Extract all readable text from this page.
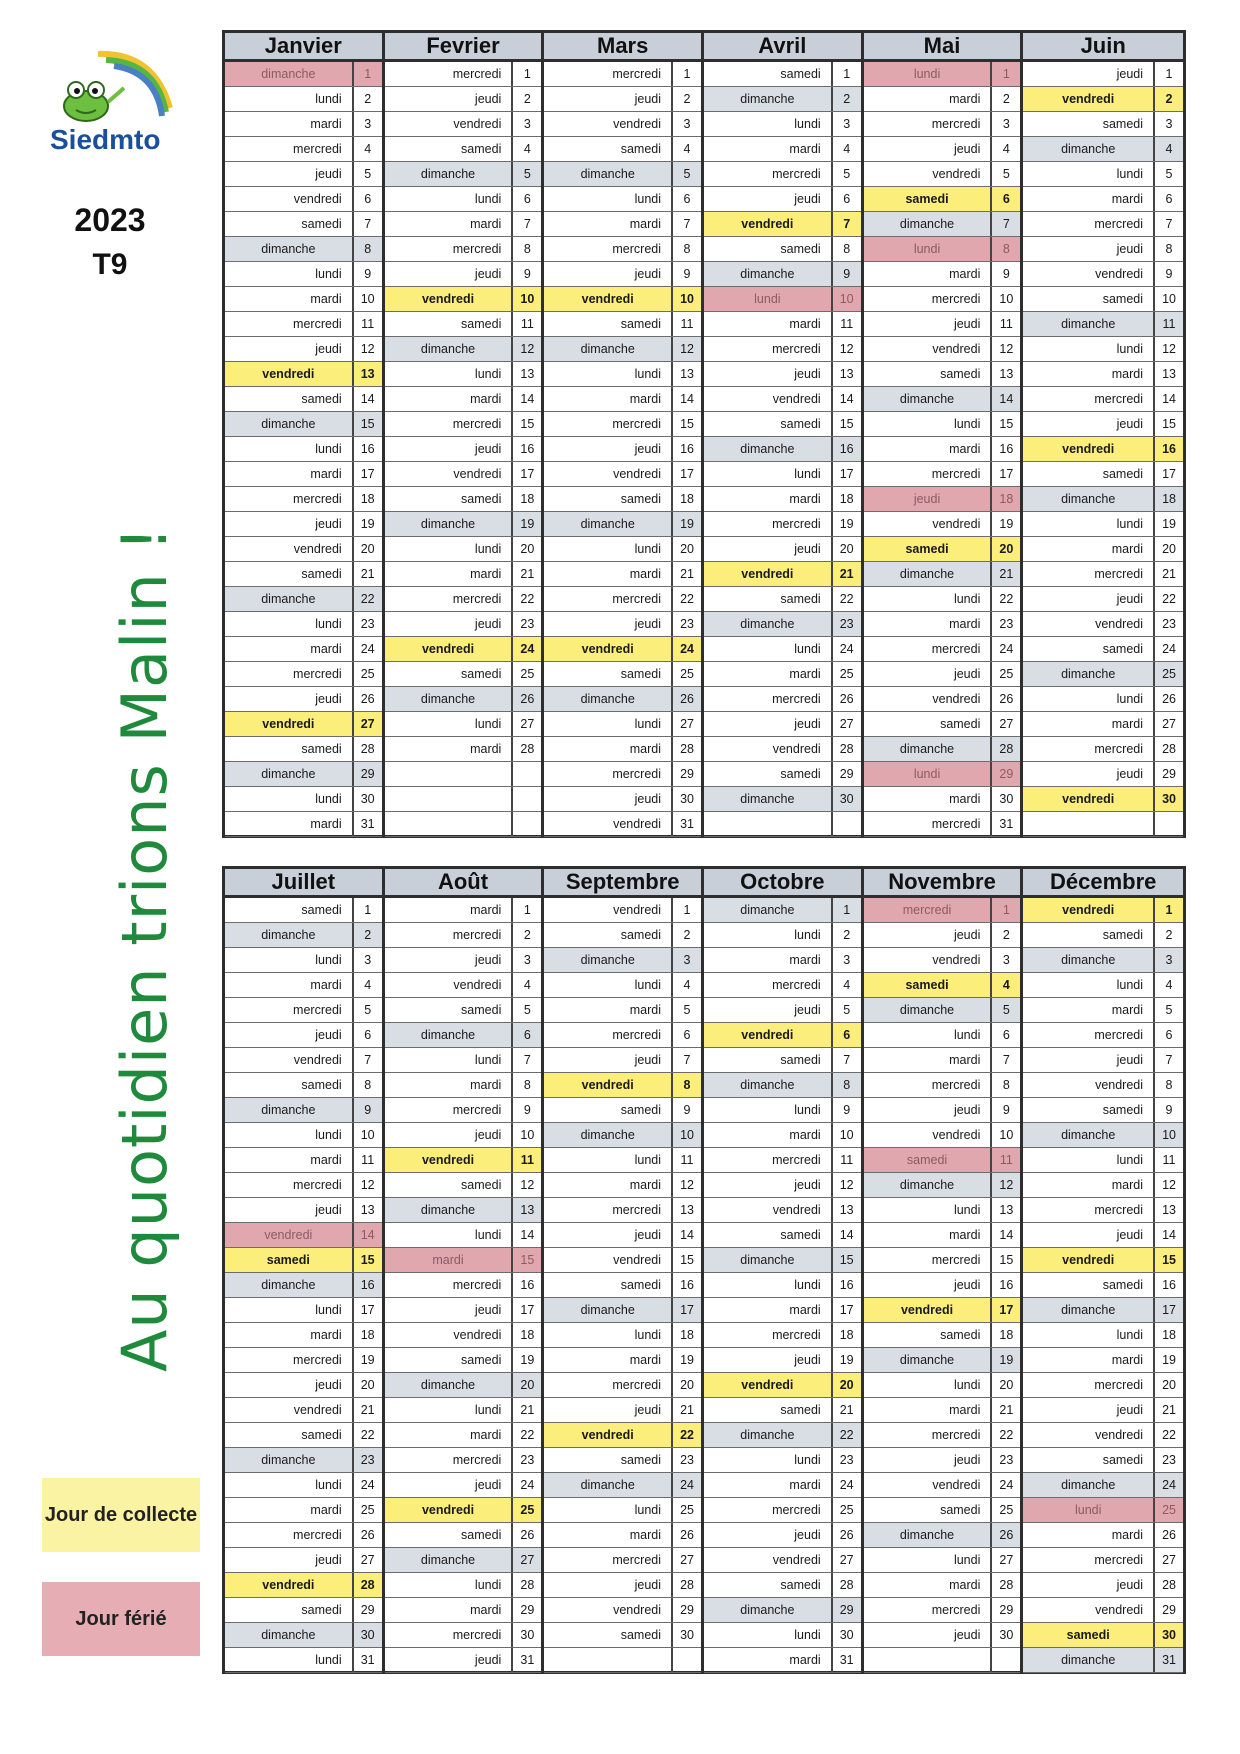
Siedmto
2023
T9
Au quotidien trions Malin !
Jour de collecte
Jour férié
Janvier
dimanche	1
lundi	2
mardi	3
mercredi	4
jeudi	5
vendredi	6
samedi	7
dimanche	8
lundi	9
mardi	10
mercredi	11
jeudi	12
vendredi	13
samedi	14
dimanche	15
lundi	16
mardi	17
mercredi	18
jeudi	19
vendredi	20
samedi	21
dimanche	22
lundi	23
mardi	24
mercredi	25
jeudi	26
vendredi	27
samedi	28
dimanche	29
lundi	30
mardi	31
Fevrier
mercredi	1
jeudi	2
vendredi	3
samedi	4
dimanche	5
lundi	6
mardi	7
mercredi	8
jeudi	9
vendredi	10
samedi	11
dimanche	12
lundi	13
mardi	14
mercredi	15
jeudi	16
vendredi	17
samedi	18
dimanche	19
lundi	20
mardi	21
mercredi	22
jeudi	23
vendredi	24
samedi	25
dimanche	26
lundi	27
mardi	28
Mars
mercredi	1
jeudi	2
vendredi	3
samedi	4
dimanche	5
lundi	6
mardi	7
mercredi	8
jeudi	9
vendredi	10
samedi	11
dimanche	12
lundi	13
mardi	14
mercredi	15
jeudi	16
vendredi	17
samedi	18
dimanche	19
lundi	20
mardi	21
mercredi	22
jeudi	23
vendredi	24
samedi	25
dimanche	26
lundi	27
mardi	28
mercredi	29
jeudi	30
vendredi	31
Avril
samedi	1
dimanche	2
lundi	3
mardi	4
mercredi	5
jeudi	6
vendredi	7
samedi	8
dimanche	9
lundi	10
mardi	11
mercredi	12
jeudi	13
vendredi	14
samedi	15
dimanche	16
lundi	17
mardi	18
mercredi	19
jeudi	20
vendredi	21
samedi	22
dimanche	23
lundi	24
mardi	25
mercredi	26
jeudi	27
vendredi	28
samedi	29
dimanche	30
Mai
lundi	1
mardi	2
mercredi	3
jeudi	4
vendredi	5
samedi	6
dimanche	7
lundi	8
mardi	9
mercredi	10
jeudi	11
vendredi	12
samedi	13
dimanche	14
lundi	15
mardi	16
mercredi	17
jeudi	18
vendredi	19
samedi	20
dimanche	21
lundi	22
mardi	23
mercredi	24
jeudi	25
vendredi	26
samedi	27
dimanche	28
lundi	29
mardi	30
mercredi	31
Juin
jeudi	1
vendredi	2
samedi	3
dimanche	4
lundi	5
mardi	6
mercredi	7
jeudi	8
vendredi	9
samedi	10
dimanche	11
lundi	12
mardi	13
mercredi	14
jeudi	15
vendredi	16
samedi	17
dimanche	18
lundi	19
mardi	20
mercredi	21
jeudi	22
vendredi	23
samedi	24
dimanche	25
lundi	26
mardi	27
mercredi	28
jeudi	29
vendredi	30
Juillet
samedi	1
dimanche	2
lundi	3
mardi	4
mercredi	5
jeudi	6
vendredi	7
samedi	8
dimanche	9
lundi	10
mardi	11
mercredi	12
jeudi	13
vendredi	14
samedi	15
dimanche	16
lundi	17
mardi	18
mercredi	19
jeudi	20
vendredi	21
samedi	22
dimanche	23
lundi	24
mardi	25
mercredi	26
jeudi	27
vendredi	28
samedi	29
dimanche	30
lundi	31
Août
mardi	1
mercredi	2
jeudi	3
vendredi	4
samedi	5
dimanche	6
lundi	7
mardi	8
mercredi	9
jeudi	10
vendredi	11
samedi	12
dimanche	13
lundi	14
mardi	15
mercredi	16
jeudi	17
vendredi	18
samedi	19
dimanche	20
lundi	21
mardi	22
mercredi	23
jeudi	24
vendredi	25
samedi	26
dimanche	27
lundi	28
mardi	29
mercredi	30
jeudi	31
Septembre
vendredi	1
samedi	2
dimanche	3
lundi	4
mardi	5
mercredi	6
jeudi	7
vendredi	8
samedi	9
dimanche	10
lundi	11
mardi	12
mercredi	13
jeudi	14
vendredi	15
samedi	16
dimanche	17
lundi	18
mardi	19
mercredi	20
jeudi	21
vendredi	22
samedi	23
dimanche	24
lundi	25
mardi	26
mercredi	27
jeudi	28
vendredi	29
samedi	30
Octobre
dimanche	1
lundi	2
mardi	3
mercredi	4
jeudi	5
vendredi	6
samedi	7
dimanche	8
lundi	9
mardi	10
mercredi	11
jeudi	12
vendredi	13
samedi	14
dimanche	15
lundi	16
mardi	17
mercredi	18
jeudi	19
vendredi	20
samedi	21
dimanche	22
lundi	23
mardi	24
mercredi	25
jeudi	26
vendredi	27
samedi	28
dimanche	29
lundi	30
mardi	31
Novembre
mercredi	1
jeudi	2
vendredi	3
samedi	4
dimanche	5
lundi	6
mardi	7
mercredi	8
jeudi	9
vendredi	10
samedi	11
dimanche	12
lundi	13
mardi	14
mercredi	15
jeudi	16
vendredi	17
samedi	18
dimanche	19
lundi	20
mardi	21
mercredi	22
jeudi	23
vendredi	24
samedi	25
dimanche	26
lundi	27
mardi	28
mercredi	29
jeudi	30
Décembre
vendredi	1
samedi	2
dimanche	3
lundi	4
mardi	5
mercredi	6
jeudi	7
vendredi	8
samedi	9
dimanche	10
lundi	11
mardi	12
mercredi	13
jeudi	14
vendredi	15
samedi	16
dimanche	17
lundi	18
mardi	19
mercredi	20
jeudi	21
vendredi	22
samedi	23
dimanche	24
lundi	25
mardi	26
mercredi	27
jeudi	28
vendredi	29
samedi	30
dimanche	31
